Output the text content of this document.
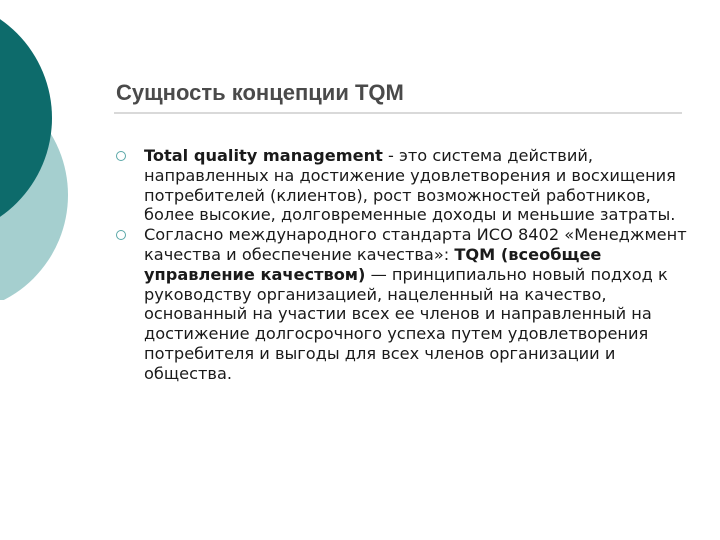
Сущность концепции TQM
Total quality management - это система действий, направленных на достижение удовлетворения и восхищения потребителей (клиентов), рост возможностей работников, более высокие, долговременные доходы и меньшие затраты.
Согласно международного стандарта ИСО 8402 «Менеджмент качества и обеспечение качества»: TQM (всеобщее управление качеством) — принципиально новый подход к руководству организацией, нацеленный на качество, основанный на участии всех ее членов и направленный на достижение долгосрочного успеха путем удовлетворения потребителя и выгоды для всех членов организации и общества.
